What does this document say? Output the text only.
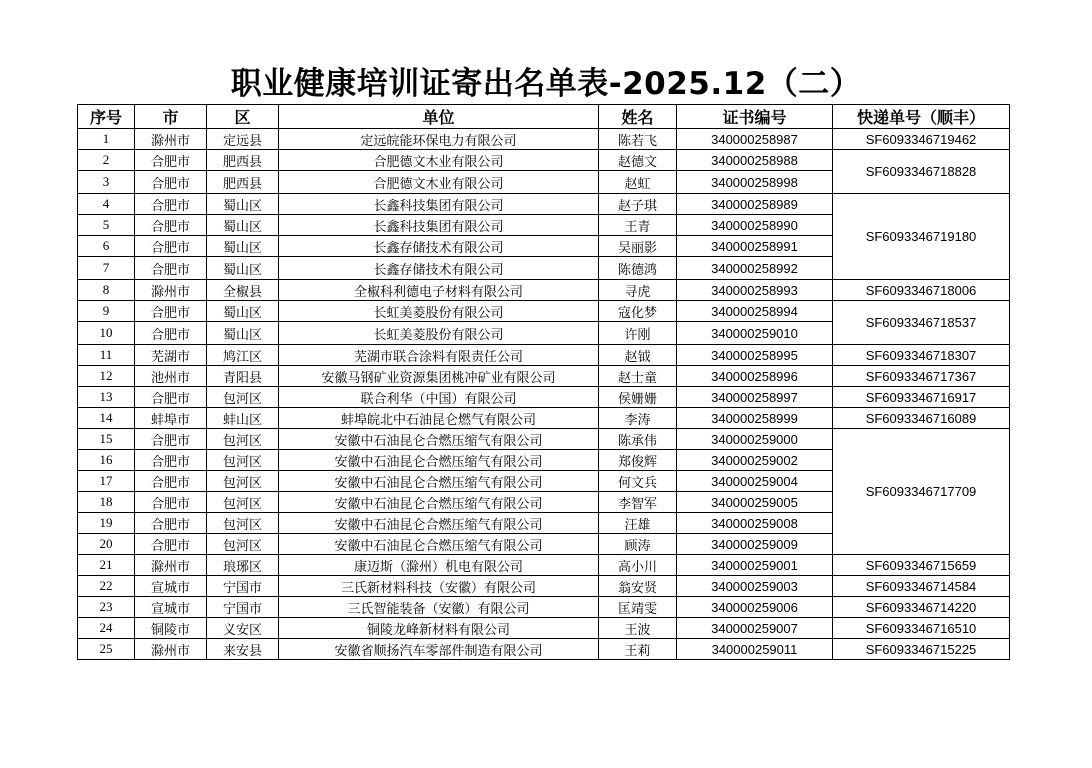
职业健康培训证寄出名单表-2025.12（二）
序号	市	区	单位	姓名	证书编号	快递单号（顺丰）
1	滁州市	定远县	定远皖能环保电力有限公司	陈若飞	340000258987	SF6093346719462
2	合肥市	肥西县	合肥德文木业有限公司	赵德文	340000258988	SF6093346718828
3	合肥市	肥西县	合肥德文木业有限公司	赵虹	340000258998	
4	合肥市	蜀山区	长鑫科技集团有限公司	赵子琪	340000258989	SF6093346719180
5	合肥市	蜀山区	长鑫科技集团有限公司	王青	340000258990	
6	合肥市	蜀山区	长鑫存储技术有限公司	吴丽影	340000258991	
7	合肥市	蜀山区	长鑫存储技术有限公司	陈德鸿	340000258992	
8	滁州市	全椒县	全椒科利德电子材料有限公司	寻虎	340000258993	SF6093346718006
9	合肥市	蜀山区	长虹美菱股份有限公司	寇化梦	340000258994	SF6093346718537
10	合肥市	蜀山区	长虹美菱股份有限公司	许刚	340000259010	
11	芜湖市	鸠江区	芜湖市联合涂料有限责任公司	赵钺	340000258995	SF6093346718307
12	池州市	青阳县	安徽马钢矿业资源集团桃冲矿业有限公司	赵士童	340000258996	SF6093346717367
13	合肥市	包河区	联合利华（中国）有限公司	侯姗姗	340000258997	SF6093346716917
14	蚌埠市	蚌山区	蚌埠皖北中石油昆仑燃气有限公司	李涛	340000258999	SF6093346716089
15	合肥市	包河区	安徽中石油昆仑合燃压缩气有限公司	陈承伟	340000259000	SF6093346717709
16	合肥市	包河区	安徽中石油昆仑合燃压缩气有限公司	郑俊辉	340000259002	
17	合肥市	包河区	安徽中石油昆仑合燃压缩气有限公司	何文兵	340000259004	
18	合肥市	包河区	安徽中石油昆仑合燃压缩气有限公司	李智军	340000259005	
19	合肥市	包河区	安徽中石油昆仑合燃压缩气有限公司	汪雄	340000259008	
20	合肥市	包河区	安徽中石油昆仑合燃压缩气有限公司	顾涛	340000259009	
21	滁州市	琅琊区	康迈斯（滁州）机电有限公司	高小川	340000259001	SF6093346715659
22	宣城市	宁国市	三氏新材料科技（安徽）有限公司	翁安贤	340000259003	SF6093346714584
23	宣城市	宁国市	三氏智能装备（安徽）有限公司	匡靖雯	340000259006	SF6093346714220
24	铜陵市	义安区	铜陵龙峰新材料有限公司	王波	340000259007	SF6093346716510
25	滁州市	来安县	安徽省顺扬汽车零部件制造有限公司	王莉	340000259011	SF6093346715225
